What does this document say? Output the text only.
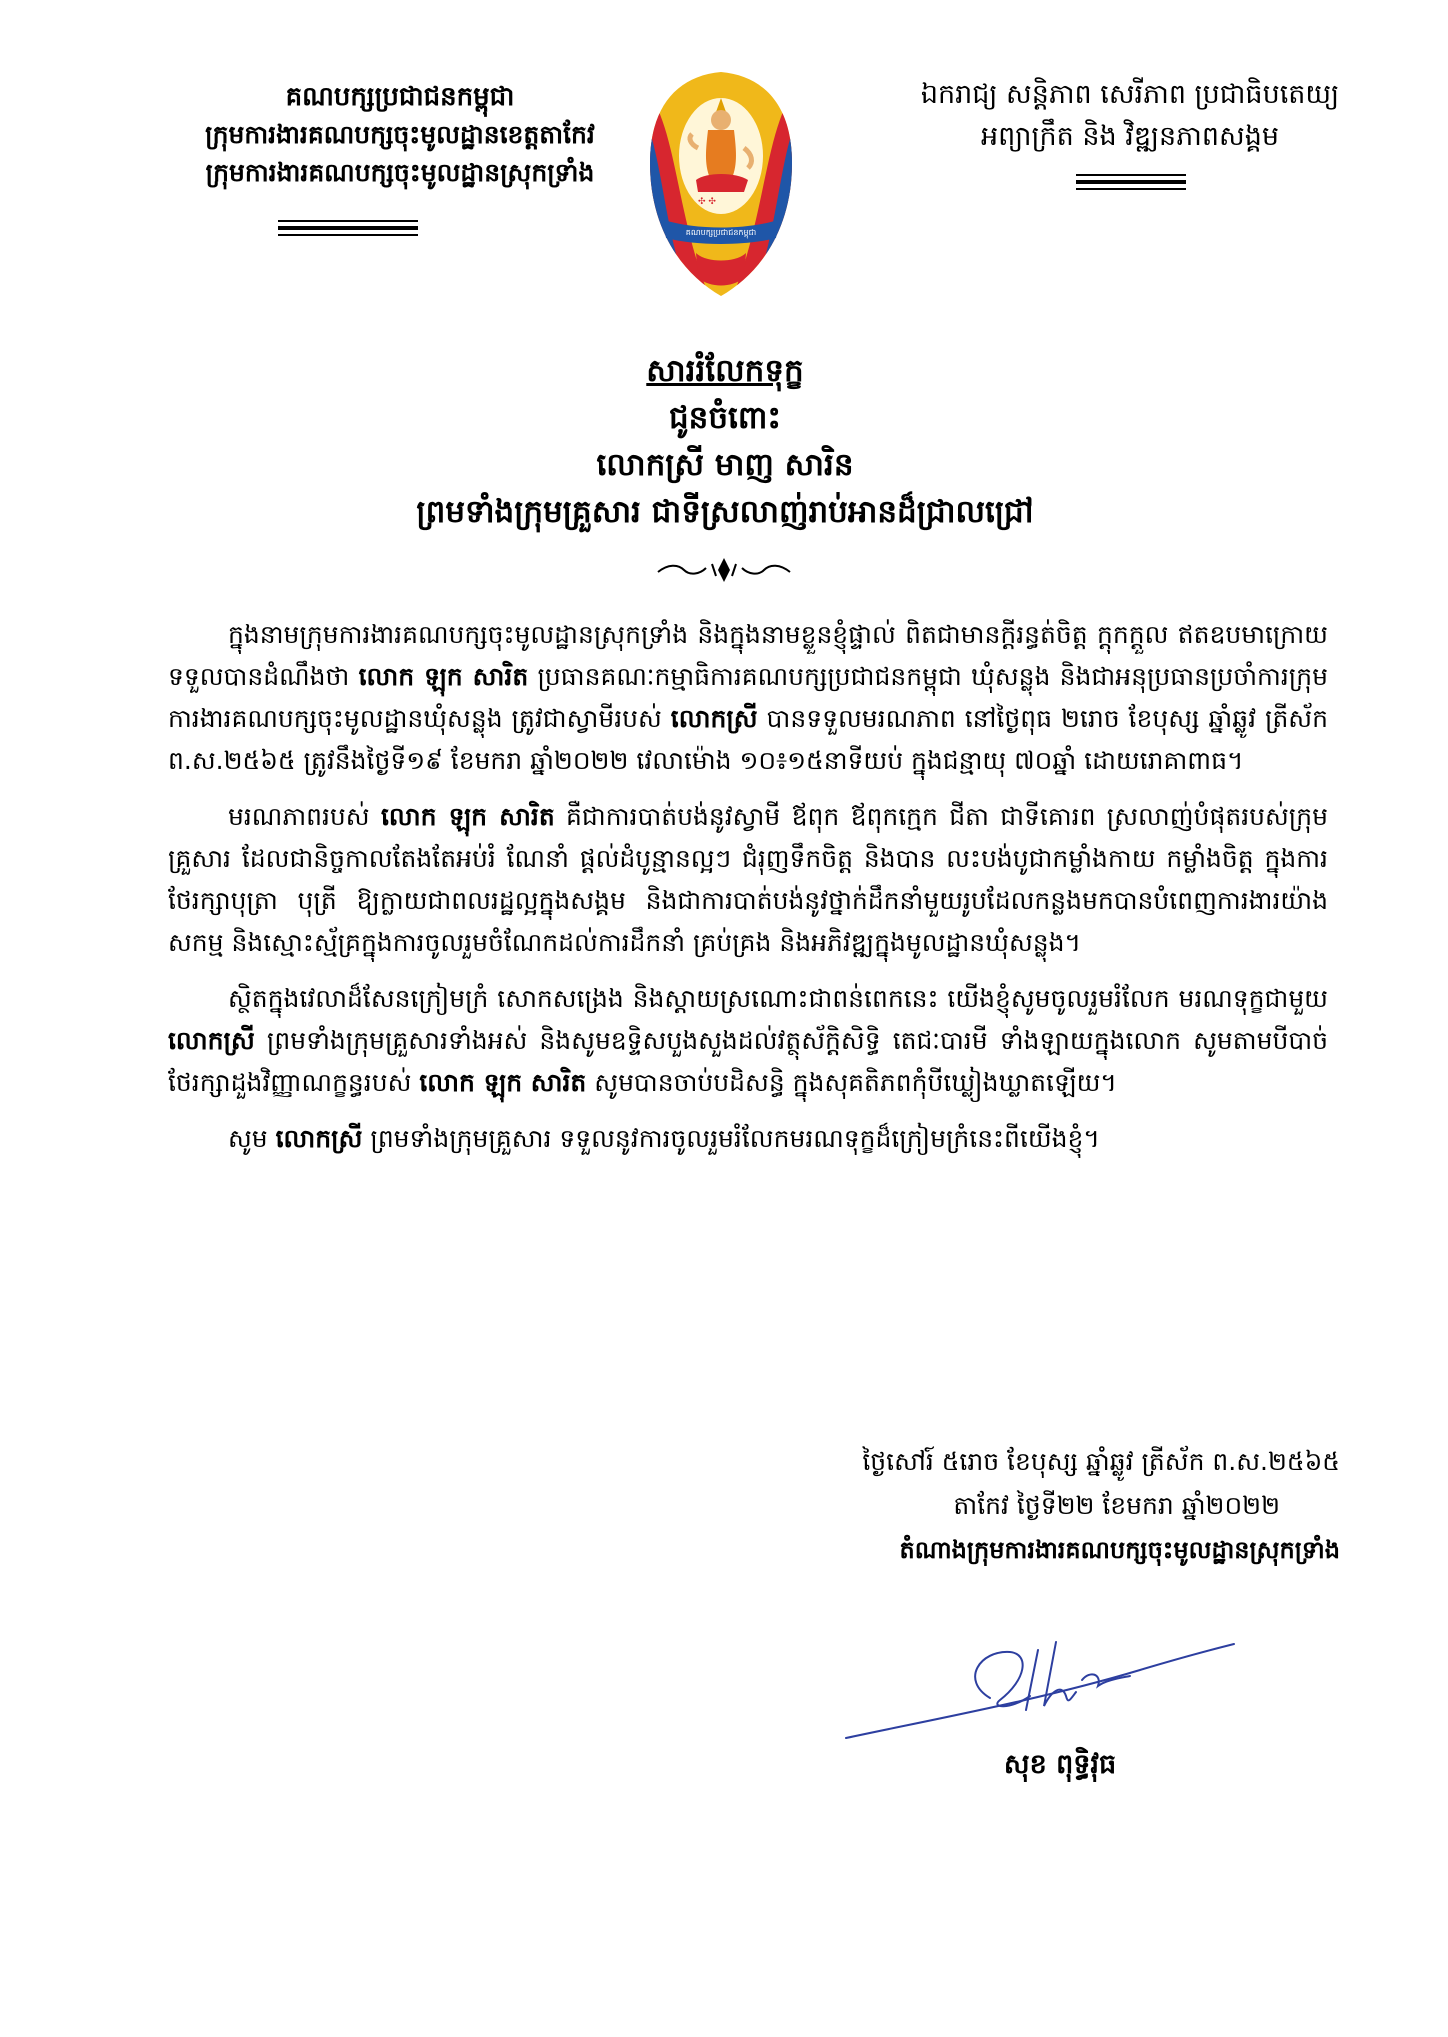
គណបក្សប្រជាជនកម្ពុជា
ក្រុមការងារគណបក្សចុះមូលដ្ឋានខេត្តតាកែវ
ក្រុមការងារគណបក្សចុះមូលដ្ឋានស្រុកទ្រាំង
✣ ✣
គណបក្សប្រជាជនកម្ពុជា
ឯករាជ្យ សន្តិភាព សេរីភាព ប្រជាធិបតេយ្យ
អព្យាក្រឹត និង វិឌ្ឍនភាពសង្គម
សាររំលែកទុក្ខ
ជូនចំពោះ
លោកស្រី មាញ សារិន
ព្រមទាំងក្រុមគ្រួសារ ជាទីស្រលាញ់រាប់អានដ៏ជ្រាលជ្រៅ

ក្នុងនាមក្រុមការងារគណបក្សចុះមូលដ្ឋានស្រុកទ្រាំង និងក្នុងនាមខ្លួនខ្ញុំផ្ទាល់ ពិតជាមានក្តីរន្ធត់ចិត្ត ក្តុកក្តួល ឥតឧបមាក្រោយទទួលបានដំណឹងថា លោក ឡុក សារិត ប្រធានគណៈកម្មាធិការគណបក្សប្រជាជនកម្ពុជា ឃុំសន្លុង និងជាអនុប្រធានប្រចាំការក្រុមការងារគណបក្សចុះមូលដ្ឋានឃុំសន្លុង ត្រូវជាស្វាមីរបស់ លោកស្រី បានទទួលមរណភាព នៅថ្ងៃពុធ ២រោច ខែបុស្ស ឆ្នាំឆ្លូវ ត្រីស័ក ព.ស.២៥៦៥ ត្រូវនឹងថ្ងៃទី១៩ ខែមករា ឆ្នាំ២០២២ វេលាម៉ោង ១០៖១៥នាទីយប់ ក្នុងជន្មាយុ ៧០ឆ្នាំ ដោយរោគាពាធ។

មរណភាពរបស់ លោក ឡុក សារិត គឺជាការបាត់បង់នូវស្វាមី ឪពុក ឪពុកក្មេក ជីតា ជាទីគោរព ស្រលាញ់បំផុតរបស់ក្រុមគ្រួសារ ដែលជានិច្ចកាលតែងតែអប់រំ ណែនាំ ផ្តល់ដំបូន្មានល្អៗ ជំរុញទឹកចិត្ត និងបាន លះបង់បូជាកម្លាំងកាយ កម្លាំងចិត្ត ក្នុងការថែរក្សាបុត្រា បុត្រី ឱ្យក្លាយជាពលរដ្ឋល្អក្នុងសង្គម និងជាការបាត់បង់នូវថ្នាក់ដឹកនាំមួយរូបដែលកន្លងមកបានបំពេញការងារយ៉ាងសកម្ម និងស្មោះស្ម័គ្រក្នុងការចូលរួមចំណែកដល់ការដឹកនាំ គ្រប់គ្រង និងអភិវឌ្ឍក្នុងមូលដ្ឋានឃុំសន្លុង។

ស្ថិតក្នុងវេលាដ៏សែនក្រៀមក្រំ សោកសង្រេង និងស្តាយស្រណោះជាពន់ពេកនេះ យើងខ្ញុំសូមចូលរួមរំលែក មរណទុក្ខជាមួយ លោកស្រី ព្រមទាំងក្រុមគ្រួសារទាំងអស់ និងសូមឧទ្ទិសបួងសួងដល់វត្ថុស័ក្តិសិទ្ធិ តេជៈបារមី ទាំងឡាយក្នុងលោក សូមតាមបីបាច់ថែរក្សាដួងវិញ្ញាណក្ខន្ធរបស់ លោក ឡុក សារិត សូមបានចាប់បដិសន្ធិ ក្នុងសុគតិភពកុំបីឃ្លៀងឃ្លាតឡើយ។

សូម លោកស្រី ព្រមទាំងក្រុមគ្រួសារ ទទួលនូវការចូលរួមរំលែកមរណទុក្ខដ៏ក្រៀមក្រំនេះពីយើងខ្ញុំ។

ថ្ងៃសៅរ៍ ៥រោច ខែបុស្ស ឆ្នាំឆ្លូវ ត្រីស័ក ព.ស.២៥៦៥
តាកែវ ថ្ងៃទី២២ ខែមករា ឆ្នាំ២០២២
តំណាងក្រុមការងារគណបក្សចុះមូលដ្ឋានស្រុកទ្រាំង
សុខ ពុទ្ធិវុធ
